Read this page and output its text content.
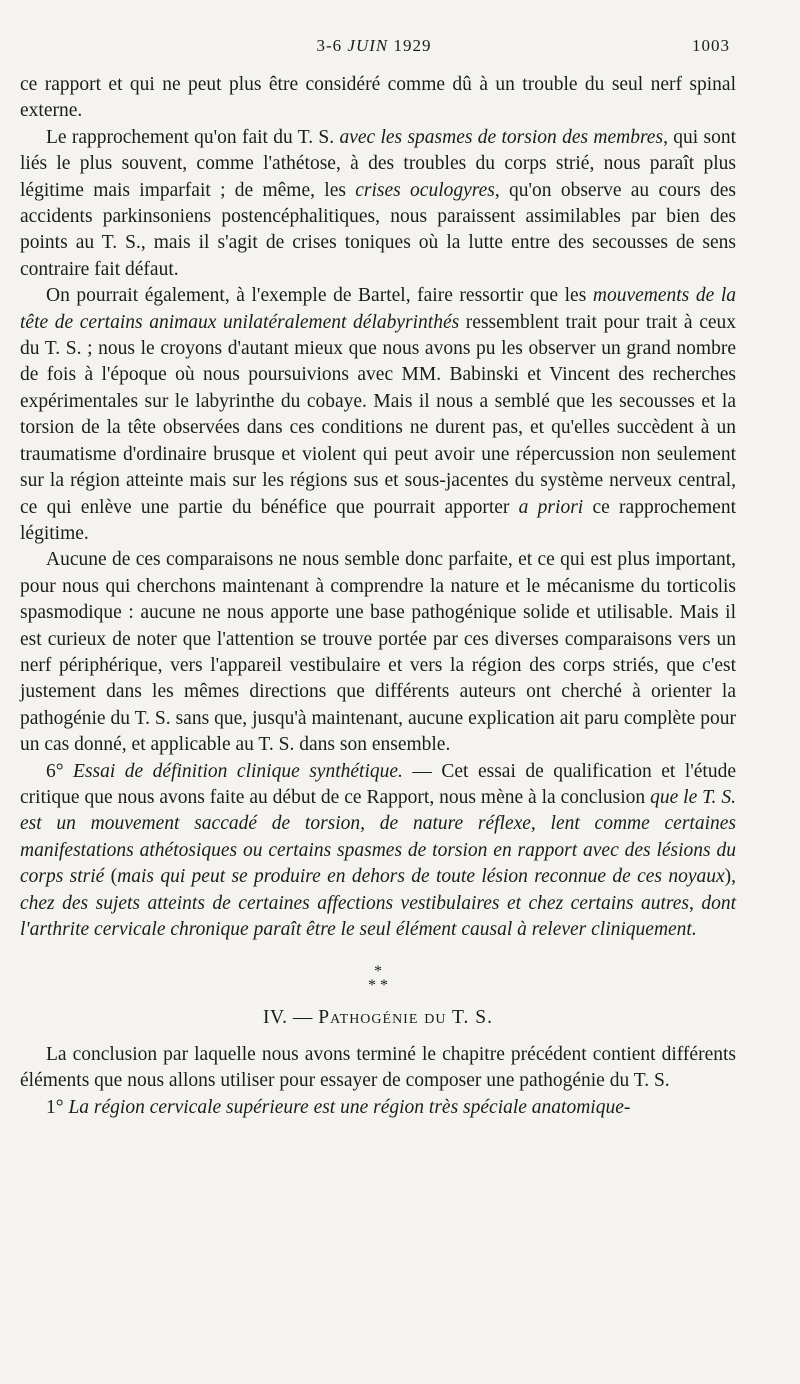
3-6 JUIN 1929	1003

ce rapport et qui ne peut plus être considéré comme dû à un trouble du seul nerf spinal externe.

Le rapprochement qu'on fait du T. S. avec les spasmes de torsion des membres, qui sont liés le plus souvent, comme l'athétose, à des troubles du corps strié, nous paraît plus légitime mais imparfait ; de même, les crises oculogyres, qu'on observe au cours des accidents parkinsoniens postencéphalitiques, nous paraissent assimilables par bien des points au T. S., mais il s'agit de crises toniques où la lutte entre des secousses de sens contraire fait défaut.

On pourrait également, à l'exemple de Bartel, faire ressortir que les mouvements de la tête de certains animaux unilatéralement délabyrinthés ressemblent trait pour trait à ceux du T. S. ; nous le croyons d'autant mieux que nous avons pu les observer un grand nombre de fois à l'époque où nous poursuivions avec MM. Babinski et Vincent des recherches expérimentales sur le labyrinthe du cobaye. Mais il nous a semblé que les secousses et la torsion de la tête observées dans ces conditions ne durent pas, et qu'elles succèdent à un traumatisme d'ordinaire brusque et violent qui peut avoir une répercussion non seulement sur la région atteinte mais sur les régions sus et sous-jacentes du système nerveux central, ce qui enlève une partie du bénéfice que pourrait apporter a priori ce rapprochement légitime.

Aucune de ces comparaisons ne nous semble donc parfaite, et ce qui est plus important, pour nous qui cherchons maintenant à comprendre la nature et le mécanisme du torticolis spasmodique : aucune ne nous apporte une base pathogénique solide et utilisable. Mais il est curieux de noter que l'attention se trouve portée par ces diverses comparaisons vers un nerf périphérique, vers l'appareil vestibulaire et vers la région des corps striés, que c'est justement dans les mêmes directions que différents auteurs ont cherché à orienter la pathogénie du T. S. sans que, jusqu'à maintenant, aucune explication ait paru complète pour un cas donné, et applicable au T. S. dans son ensemble.

6° Essai de définition clinique synthétique. — Cet essai de qualification et l'étude critique que nous avons faite au début de ce Rapport, nous mène à la conclusion que le T. S. est un mouvement saccadé de torsion, de nature réflexe, lent comme certaines manifestations athétosiques ou certains spasmes de torsion en rapport avec des lésions du corps strié (mais qui peut se produire en dehors de toute lésion reconnue de ces noyaux), chez des sujets atteints de certaines affections vestibulaires et chez certains autres, dont l'arthrite cervicale chronique paraît être le seul élément causal à relever cliniquement.

*
* *
IV. — Pathogénie du T. S.

La conclusion par laquelle nous avons terminé le chapitre précédent contient différents éléments que nous allons utiliser pour essayer de composer une pathogénie du T. S.

1° La région cervicale supérieure est une région très spéciale anatomique-
